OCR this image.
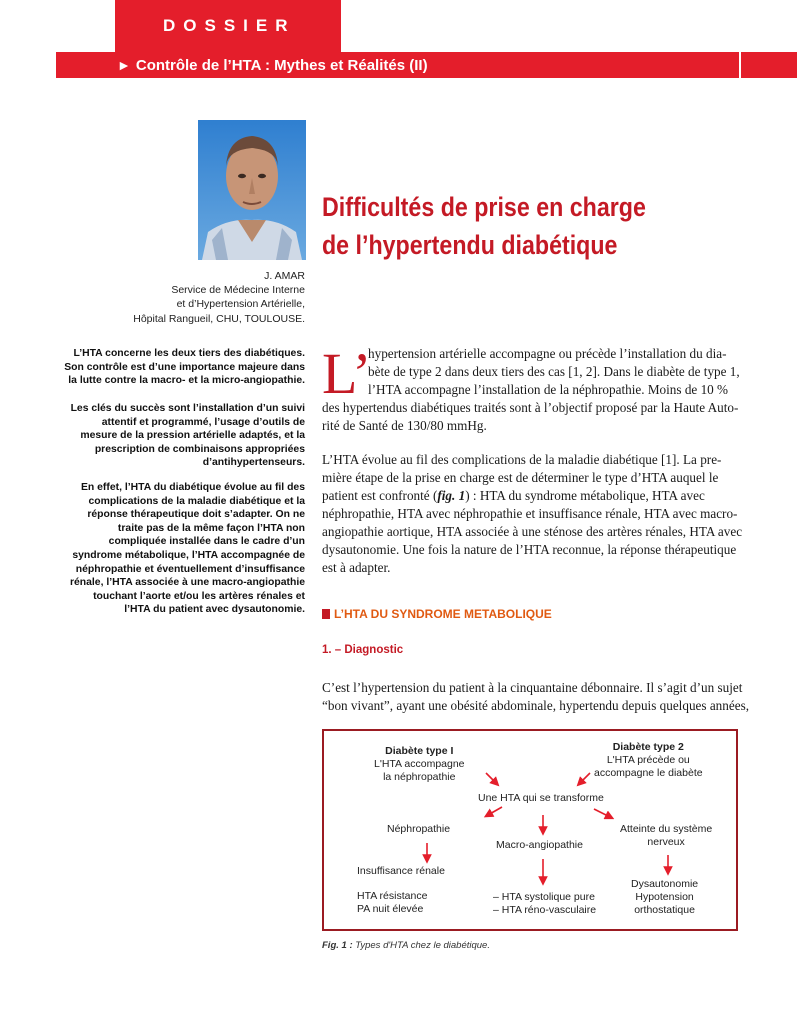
DOSSIER
► Contrôle de l’HTA : Mythes et Réalités (II)
J. AMAR
Service de Médecine Interne
et d’Hypertension Artérielle,
Hôpital Rangueil, CHU, TOULOUSE.
Difficultés de prise en charge
de l’hypertendu diabétique
L’HTA concerne les deux tiers des diabétiques.
Son contrôle est d’une importance majeure dans
la lutte contre la macro- et la micro-angiopathie.
Les clés du succès sont l’installation d’un suivi
attentif et programmé, l’usage d’outils de
mesure de la pression artérielle adaptés, et la
prescription de combinaisons appropriées
d’antihypertenseurs.
En effet, l’HTA du diabétique évolue au fil des
complications de la maladie diabétique et la
réponse thérapeutique doit s’adapter. On ne
traite pas de la même façon l’HTA non
compliquée installée dans le cadre d’un
syndrome métabolique, l’HTA accompagnée de
néphropathie et éventuellement d’insuffisance
rénale, l’HTA associée à une macro-angiopathie
touchant l’aorte et/ou les artères rénales et
l’HTA du patient avec dysautonomie.
L’
hypertension artérielle accompagne ou précède l’installation du dia-
bète de type 2 dans deux tiers des cas [1, 2]. Dans le diabète de type 1,
l’HTA accompagne l’installation de la néphropathie. Moins de 10 %
des hypertendus diabétiques traités sont à l’objectif proposé par la Haute Auto-
rité de Santé de 130/80 mmHg.
L’HTA évolue au fil des complications de la maladie diabétique [1]. La pre-
mière étape de la prise en charge est de déterminer le type d’HTA auquel le
patient est confronté (fig. 1) : HTA du syndrome métabolique, HTA avec
néphropathie, HTA avec néphropathie et insuffisance rénale, HTA avec macro-
angiopathie aortique, HTA associée à une sténose des artères rénales, HTA avec
dysautonomie. Une fois la nature de l’HTA reconnue, la réponse thérapeutique
est à adapter.
L’HTA DU SYNDROME METABOLIQUE
1. – Diagnostic
C’est l’hypertension du patient à la cinquantaine débonnaire. Il s’agit d’un sujet
“bon vivant”, ayant une obésité abdominale, hypertendu depuis quelques années,
Diabète type I
L'HTA accompagne
la néphropathie
Diabète type 2
L'HTA précède ou
accompagne le diabète
Une HTA qui se transforme
Néphropathie
Macro-angiopathie
Atteinte du système
nerveux
Insuffisance rénale
HTA résistance
PA nuit élevée
– HTA systolique pure
– HTA réno-vasculaire
Dysautonomie
Hypotension
orthostatique
Fig. 1 : Types d'HTA chez le diabétique.
